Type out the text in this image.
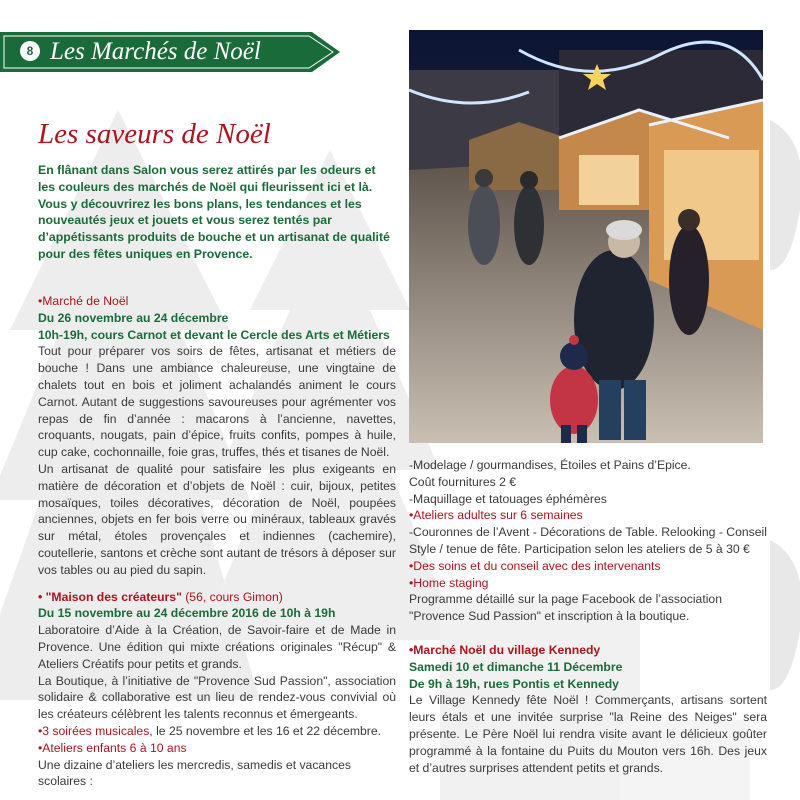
8 Les Marchés de Noël
Les saveurs de Noël
En flânant dans Salon vous serez attirés par les odeurs et les couleurs des marchés de Noël qui fleurissent ici et là. Vous y découvrirez les bons plans, les tendances et les nouveautés jeux et jouets et vous serez tentés par d’appétissants produits de bouche et un artisanat de qualité pour des fêtes uniques en Provence.

•Marché de Noël

Du 26 novembre au 24 décembre

10h-19h, cours Carnot et devant le Cercle des Arts et Métiers

Tout pour préparer vos soirs de fêtes, artisanat et métiers de bouche ! Dans une ambiance chaleureuse, une vingtaine de chalets tout en bois et joliment achalandés animent le cours Carnot. Autant de suggestions savoureuses pour agrémenter vos repas de fin d’année : macarons à l’ancienne, navettes, croquants, nougats, pain d’épice, fruits confits, pompes à huile, cup cake, cochonnaille, foie gras, truffes, thés et tisanes de Noël.

Un artisanat de qualité pour satisfaire les plus exigeants en matière de décoration et d’objets de Noël : cuir, bijoux, petites mosaïques, toiles décoratives, décoration de Noël, poupées anciennes, objets en fer bois verre ou minéraux, tableaux gravés sur métal, étoles provençales et indiennes (cachemire), coutellerie, santons et crèche sont autant de trésors à déposer sur vos tables ou au pied du sapin.

• "Maison des créateurs" (56, cours Gimon)

Du 15 novembre au 24 décembre 2016 de 10h à 19h

Laboratoire d’Aide à la Création, de Savoir-faire et de Made in Provence. Une édition qui mixte créations originales "Récup" & Ateliers Créatifs pour petits et grands.

La Boutique, à l’initiative de "Provence Sud Passion", association solidaire & collaborative est un lieu de rendez-vous convivial où les créateurs célèbrent les talents reconnus et émergeants.

•3 soirées musicales, le 25 novembre et les 16 et 22 décembre.

•Ateliers enfants 6 à 10 ans

Une dizaine d’ateliers les mercredis, samedis et vacances scolaires :

-Modelage / gourmandises, Étoiles et Pains d’Epice.

Coût fournitures 2 €

-Maquillage et tatouages éphémères

•Ateliers adultes sur 6 semaines

-Couronnes de l’Avent - Décorations de Table. Relooking - Conseil Style / tenue de fête. Participation selon les ateliers de 5 à 30 €

•Des soins et du conseil avec des intervenants

•Home staging

Programme détaillé sur la page Facebook de l’association "Provence Sud Passion" et inscription à la boutique.

•Marché Noël du village Kennedy

Samedi 10 et dimanche 11 Décembre

De 9h à 19h, rues Pontis et Kennedy

Le Village Kennedy fête Noël ! Commerçants, artisans sortent leurs étals et une invitée surprise "la Reine des Neiges" sera présente. Le Père Noël lui rendra visite avant le délicieux goûter programmé à la fontaine du Puits du Mouton vers 16h. Des jeux et d’autres surprises attendent petits et grands.
